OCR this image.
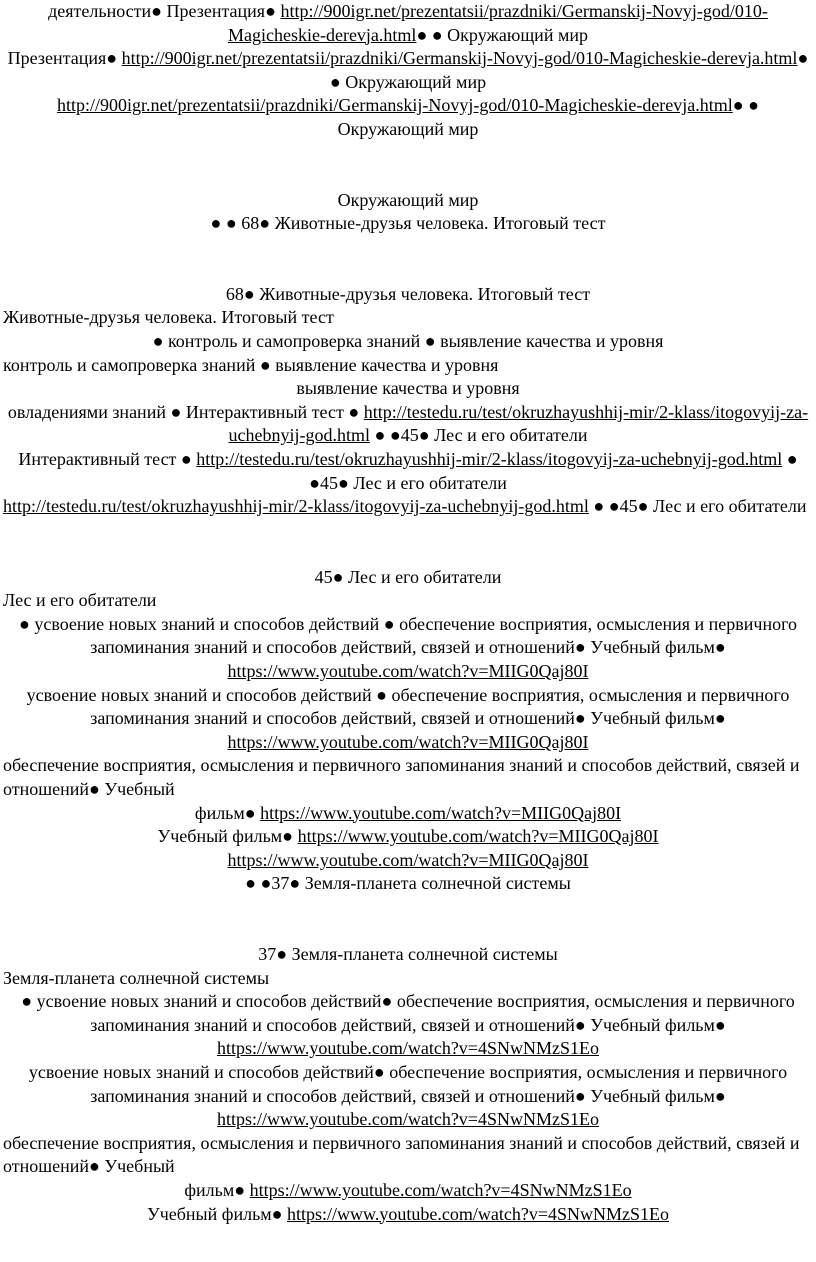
деятельности● Презентация● http://900igr.net/prezentatsii/prazdniki/Germanskij-Novyj-god/010-Magicheskie-derevja.html● ● Окружающий мир

Презентация● http://900igr.net/prezentatsii/prazdniki/Germanskij-Novyj-god/010-Magicheskie-derevja.html● ● Окружающий мир

http://900igr.net/prezentatsii/prazdniki/Germanskij-Novyj-god/010-Magicheskie-derevja.html● ● Окружающий мир

Окружающий мир

● ● 68● Животные-друзья человека. Итоговый тест

68● Животные-друзья человека. Итоговый тест

Животные-друзья человека. Итоговый тест

● контроль и самопроверка знаний ● выявление качества и уровня

контроль и самопроверка знаний ● выявление качества и уровня

выявление качества и уровня

овладениями знаний ● Интерактивный тест ● http://testedu.ru/test/okruzhayushhij-mir/2-klass/itogovyij-za-uchebnyij-god.html ● ●45● Лес и его обитатели

Интерактивный тест ● http://testedu.ru/test/okruzhayushhij-mir/2-klass/itogovyij-za-uchebnyij-god.html ● ●45● Лес и его обитатели

http://testedu.ru/test/okruzhayushhij-mir/2-klass/itogovyij-za-uchebnyij-god.html ● ●45● Лес и его обитатели

45● Лес и его обитатели

Лес и его обитатели

● усвоение новых знаний и способов действий ● обеспечение восприятия, осмысления и первичного запоминания знаний и способов действий, связей и отношений● Учебный фильм● https://www.youtube.com/watch?v=MIIG0Qaj80I

усвоение новых знаний и способов действий ● обеспечение восприятия, осмысления и первичного запоминания знаний и способов действий, связей и отношений● Учебный фильм● https://www.youtube.com/watch?v=MIIG0Qaj80I

обеспечение восприятия, осмысления и первичного запоминания знаний и способов действий, связей и отношений● Учебный

фильм● https://www.youtube.com/watch?v=MIIG0Qaj80I

Учебный фильм● https://www.youtube.com/watch?v=MIIG0Qaj80I

https://www.youtube.com/watch?v=MIIG0Qaj80I

● ●37● Земля-планета солнечной системы

37● Земля-планета солнечной системы

Земля-планета солнечной системы

● усвоение новых знаний и способов действий● обеспечение восприятия, осмысления и первичного запоминания знаний и способов действий, связей и отношений● Учебный фильм● https://www.youtube.com/watch?v=4SNwNMzS1Eo

усвоение новых знаний и способов действий● обеспечение восприятия, осмысления и первичного запоминания знаний и способов действий, связей и отношений● Учебный фильм● https://www.youtube.com/watch?v=4SNwNMzS1Eo

обеспечение восприятия, осмысления и первичного запоминания знаний и способов действий, связей и отношений● Учебный

фильм● https://www.youtube.com/watch?v=4SNwNMzS1Eo

Учебный фильм● https://www.youtube.com/watch?v=4SNwNMzS1Eo
